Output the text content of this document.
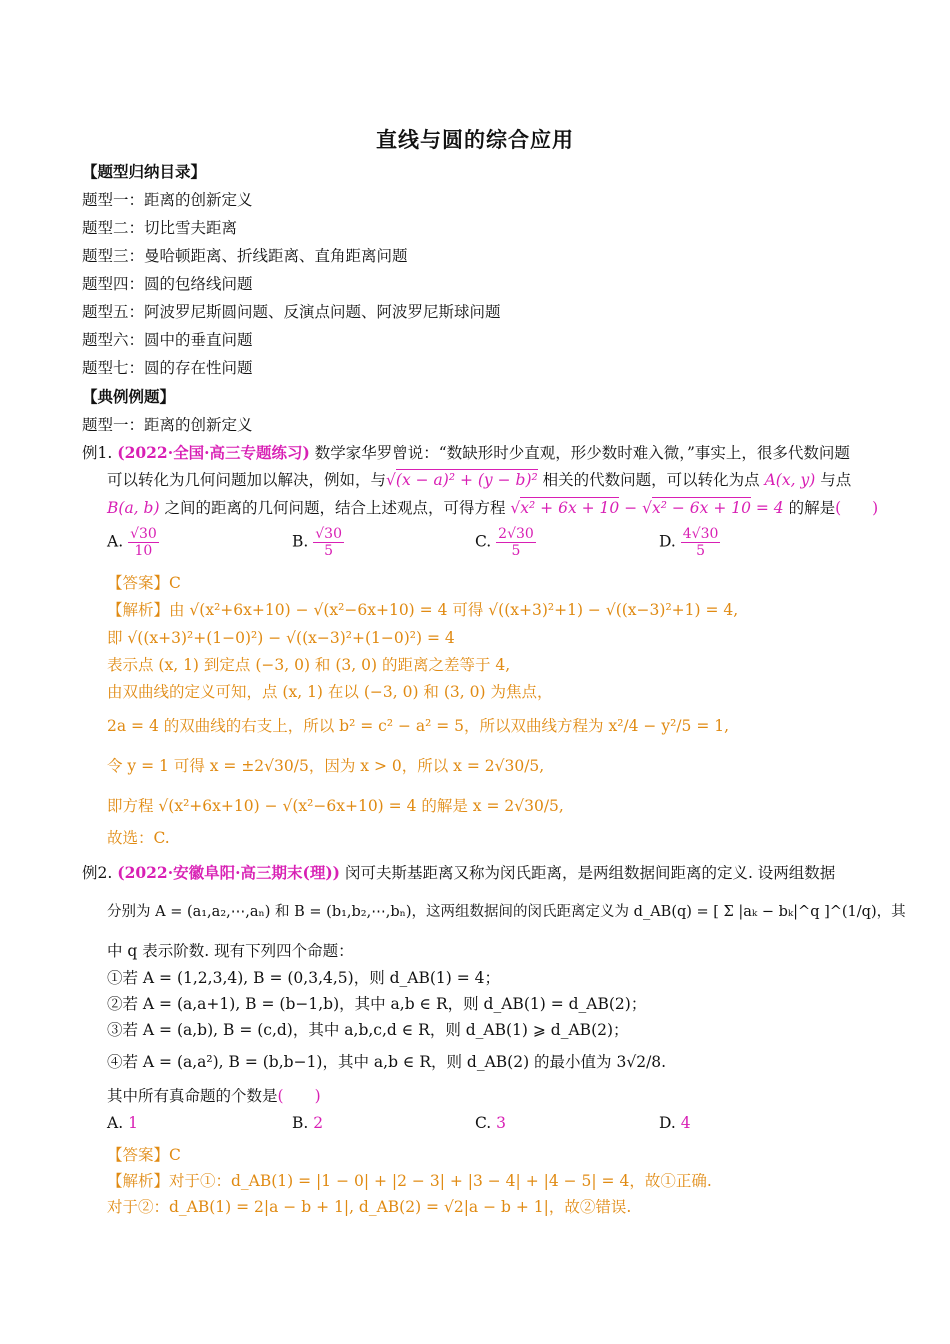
直线与圆的综合应用
【题型归纳目录】
题型一：距离的创新定义
题型二：切比雪夫距离
题型三：曼哈顿距离、折线距离、直角距离问题
题型四：圆的包络线问题
题型五：阿波罗尼斯圆问题、反演点问题、阿波罗尼斯球问题
题型六：圆中的垂直问题
题型七：圆的存在性问题
【典例例题】
题型一：距离的创新定义
例1. (2022·全国·高三专题练习) 数学家华罗曾说：“数缺形时少直观，形少数时难入微，”事实上，很多代数问题
可以转化为几何问题加以解决，例如，与√(x − a)² + (y − b)² 相关的代数问题，可以转化为点 A(x, y) 与点
B(a, b) 之间的距离的几何问题，结合上述观点，可得方程 √x² + 6x + 10 − √x² − 6x + 10 = 4 的解是(　　)
A. $\frac{√30}{10}$	B. $\frac{√30}{5}$	C. $\frac{2√30}{5}$	D. $\frac{4√30}{5}$
【答案】C
【解析】由 √(x²+6x+10) − √(x²−6x+10) = 4 可得 √((x+3)²+1) − √((x−3)²+1) = 4,
即 √((x+3)²+(1−0)²) − √((x−3)²+(1−0)²) = 4
表示点 (x, 1) 到定点 (−3, 0) 和 (3, 0) 的距离之差等于 4,
由双曲线的定义可知，点 (x, 1) 在以 (−3, 0) 和 (3, 0) 为焦点，
2a = 4 的双曲线的右支上，所以 b² = c² − a² = 5，所以双曲线方程为 x²/4 − y²/5 = 1,
令 y = 1 可得 x = ±2√30/5，因为 x > 0，所以 x = 2√30/5,
即方程 √(x²+6x+10) − √(x²−6x+10) = 4 的解是 x = 2√30/5,
故选：C.
例2. (2022·安徽阜阳·高三期末(理)) 闵可夫斯基距离又称为闵氏距离，是两组数据间距离的定义. 设两组数据
分别为 A = (a₁,a₂,⋯,aₙ) 和 B = (b₁,b₂,⋯,bₙ)，这两组数据间的闵氏距离定义为 d_AB(q) = [ Σ |aₖ − bₖ|^q ]^(1/q)，其
中 q 表示阶数. 现有下列四个命题：
①若 A = (1,2,3,4), B = (0,3,4,5)，则 d_AB(1) = 4；
②若 A = (a,a+1), B = (b−1,b)，其中 a,b ∈ R，则 d_AB(1) = d_AB(2)；
③若 A = (a,b), B = (c,d)，其中 a,b,c,d ∈ R，则 d_AB(1) ⩾ d_AB(2)；
④若 A = (a,a²), B = (b,b−1)，其中 a,b ∈ R，则 d_AB(2) 的最小值为 3√2/8.
其中所有真命题的个数是(　　)
A. 1	B. 2	C. 3	D. 4
【答案】C
【解析】对于①：d_AB(1) = |1 − 0| + |2 − 3| + |3 − 4| + |4 − 5| = 4，故①正确.
对于②：d_AB(1) = 2|a − b + 1|, d_AB(2) = √2|a − b + 1|，故②错误.
